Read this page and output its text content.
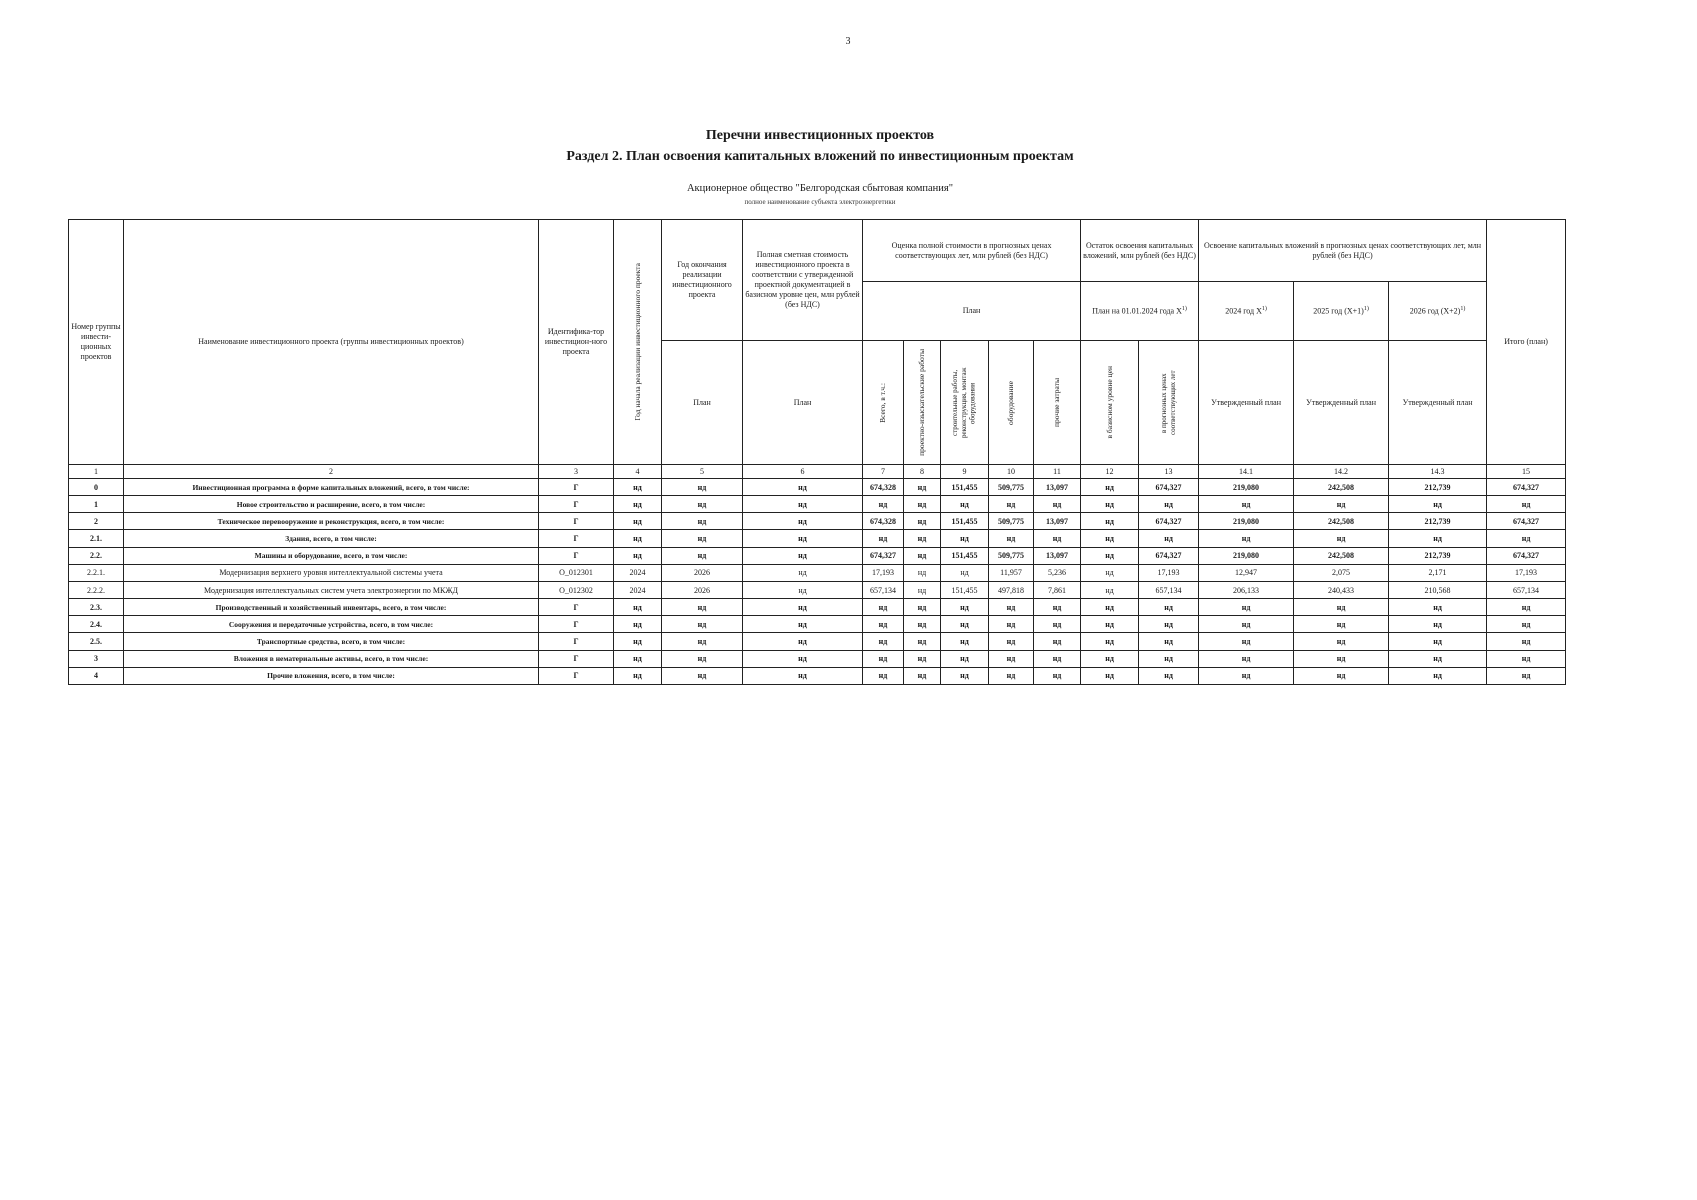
3
Перечни инвестиционных проектов
Раздел 2. План освоения капитальных вложений по инвестиционным проектам
Акционерное общество "Белгородская сбытовая компания"
полное наименование субъекта электроэнергетики
Номер группы инвести-ционных проектов	Наименование инвестиционного проекта (группы инвестиционных проектов)	Идентифика-тор инвестицион-ного проекта	Год начала реализации инвестиционного проекта	Год окончания реализации инвестиционного проекта	Полная сметная стоимость инвестиционного проекта в соответствии с утвержденной проектной документацией в базисном уровне цен, млн рублей (без НДС)	Оценка полной стоимости в прогнозных ценах соответствующих лет, млн рублей (без НДС)					Остаток освоения капитальных вложений, млн рублей (без НДС)		Освоение капитальных вложений в прогнозных ценах соответствующих лет, млн рублей (без НДС)			Итого (план)
						План					План на 01.01.2024 года $X^{1)}$		2024 год $X^{1)}$	2025 год $(X+1)^{1)}$	2026 год $(X+2)^{1)}$
				План	План	Всего, в т.ч.:	проектно-изыскательские работы	строительные работы, реконструкция, монтаж оборудования	оборудование	прочие затраты	в базисном уровне цен	в прогнозных ценах соответствующих лет	Утвержденный план	Утвержденный план	Утвержденный план	
1	2	3	4	5	6	7	8	9	10	11	12	13	14.1	14.2	14.3	15
0	Инвестиционная программа в форме капитальных вложений, всего, в том числе:	Г	нд	нд	нд	674,328	нд	151,455	509,775	13,097	нд	674,327	219,080	242,508	212,739	674,327
1	Новое строительство и расширение, всего, в том числе:	Г	нд	нд	нд	нд	нд	нд	нд	нд	нд	нд	нд	нд	нд	нд
2	Техническое перевооружение и реконструкция, всего, в том числе:	Г	нд	нд	нд	674,328	нд	151,455	509,775	13,097	нд	674,327	219,080	242,508	212,739	674,327
2.1.	Здания, всего, в том числе:	Г	нд	нд	нд	нд	нд	нд	нд	нд	нд	нд	нд	нд	нд	нд
2.2.	Машины и оборудование, всего, в том числе:	Г	нд	нд	нд	674,327	нд	151,455	509,775	13,097	нд	674,327	219,080	242,508	212,739	674,327
2.2.1.	Модернизация верхнего уровня интеллектуальной системы учета	O_012301	2024	2026	нд	17,193	нд	нд	11,957	5,236	нд	17,193	12,947	2,075	2,171	17,193
2.2.2.	Модернизация интеллектуальных систем учета электроэнергии по МКЖД	O_012302	2024	2026	нд	657,134	нд	151,455	497,818	7,861	нд	657,134	206,133	240,433	210,568	657,134
2.3.	Производственный и хозяйственный инвентарь, всего, в том числе:	Г	нд	нд	нд	нд	нд	нд	нд	нд	нд	нд	нд	нд	нд	нд
2.4.	Сооружения и передаточные устройства, всего, в том числе:	Г	нд	нд	нд	нд	нд	нд	нд	нд	нд	нд	нд	нд	нд	нд
2.5.	Транспортные средства, всего, в том числе:	Г	нд	нд	нд	нд	нд	нд	нд	нд	нд	нд	нд	нд	нд	нд
3	Вложения в нематериальные активы, всего, в том числе:	Г	нд	нд	нд	нд	нд	нд	нд	нд	нд	нд	нд	нд	нд	нд
4	Прочие вложения, всего, в том числе:	Г	нд	нд	нд	нд	нд	нд	нд	нд	нд	нд	нд	нд	нд	нд
